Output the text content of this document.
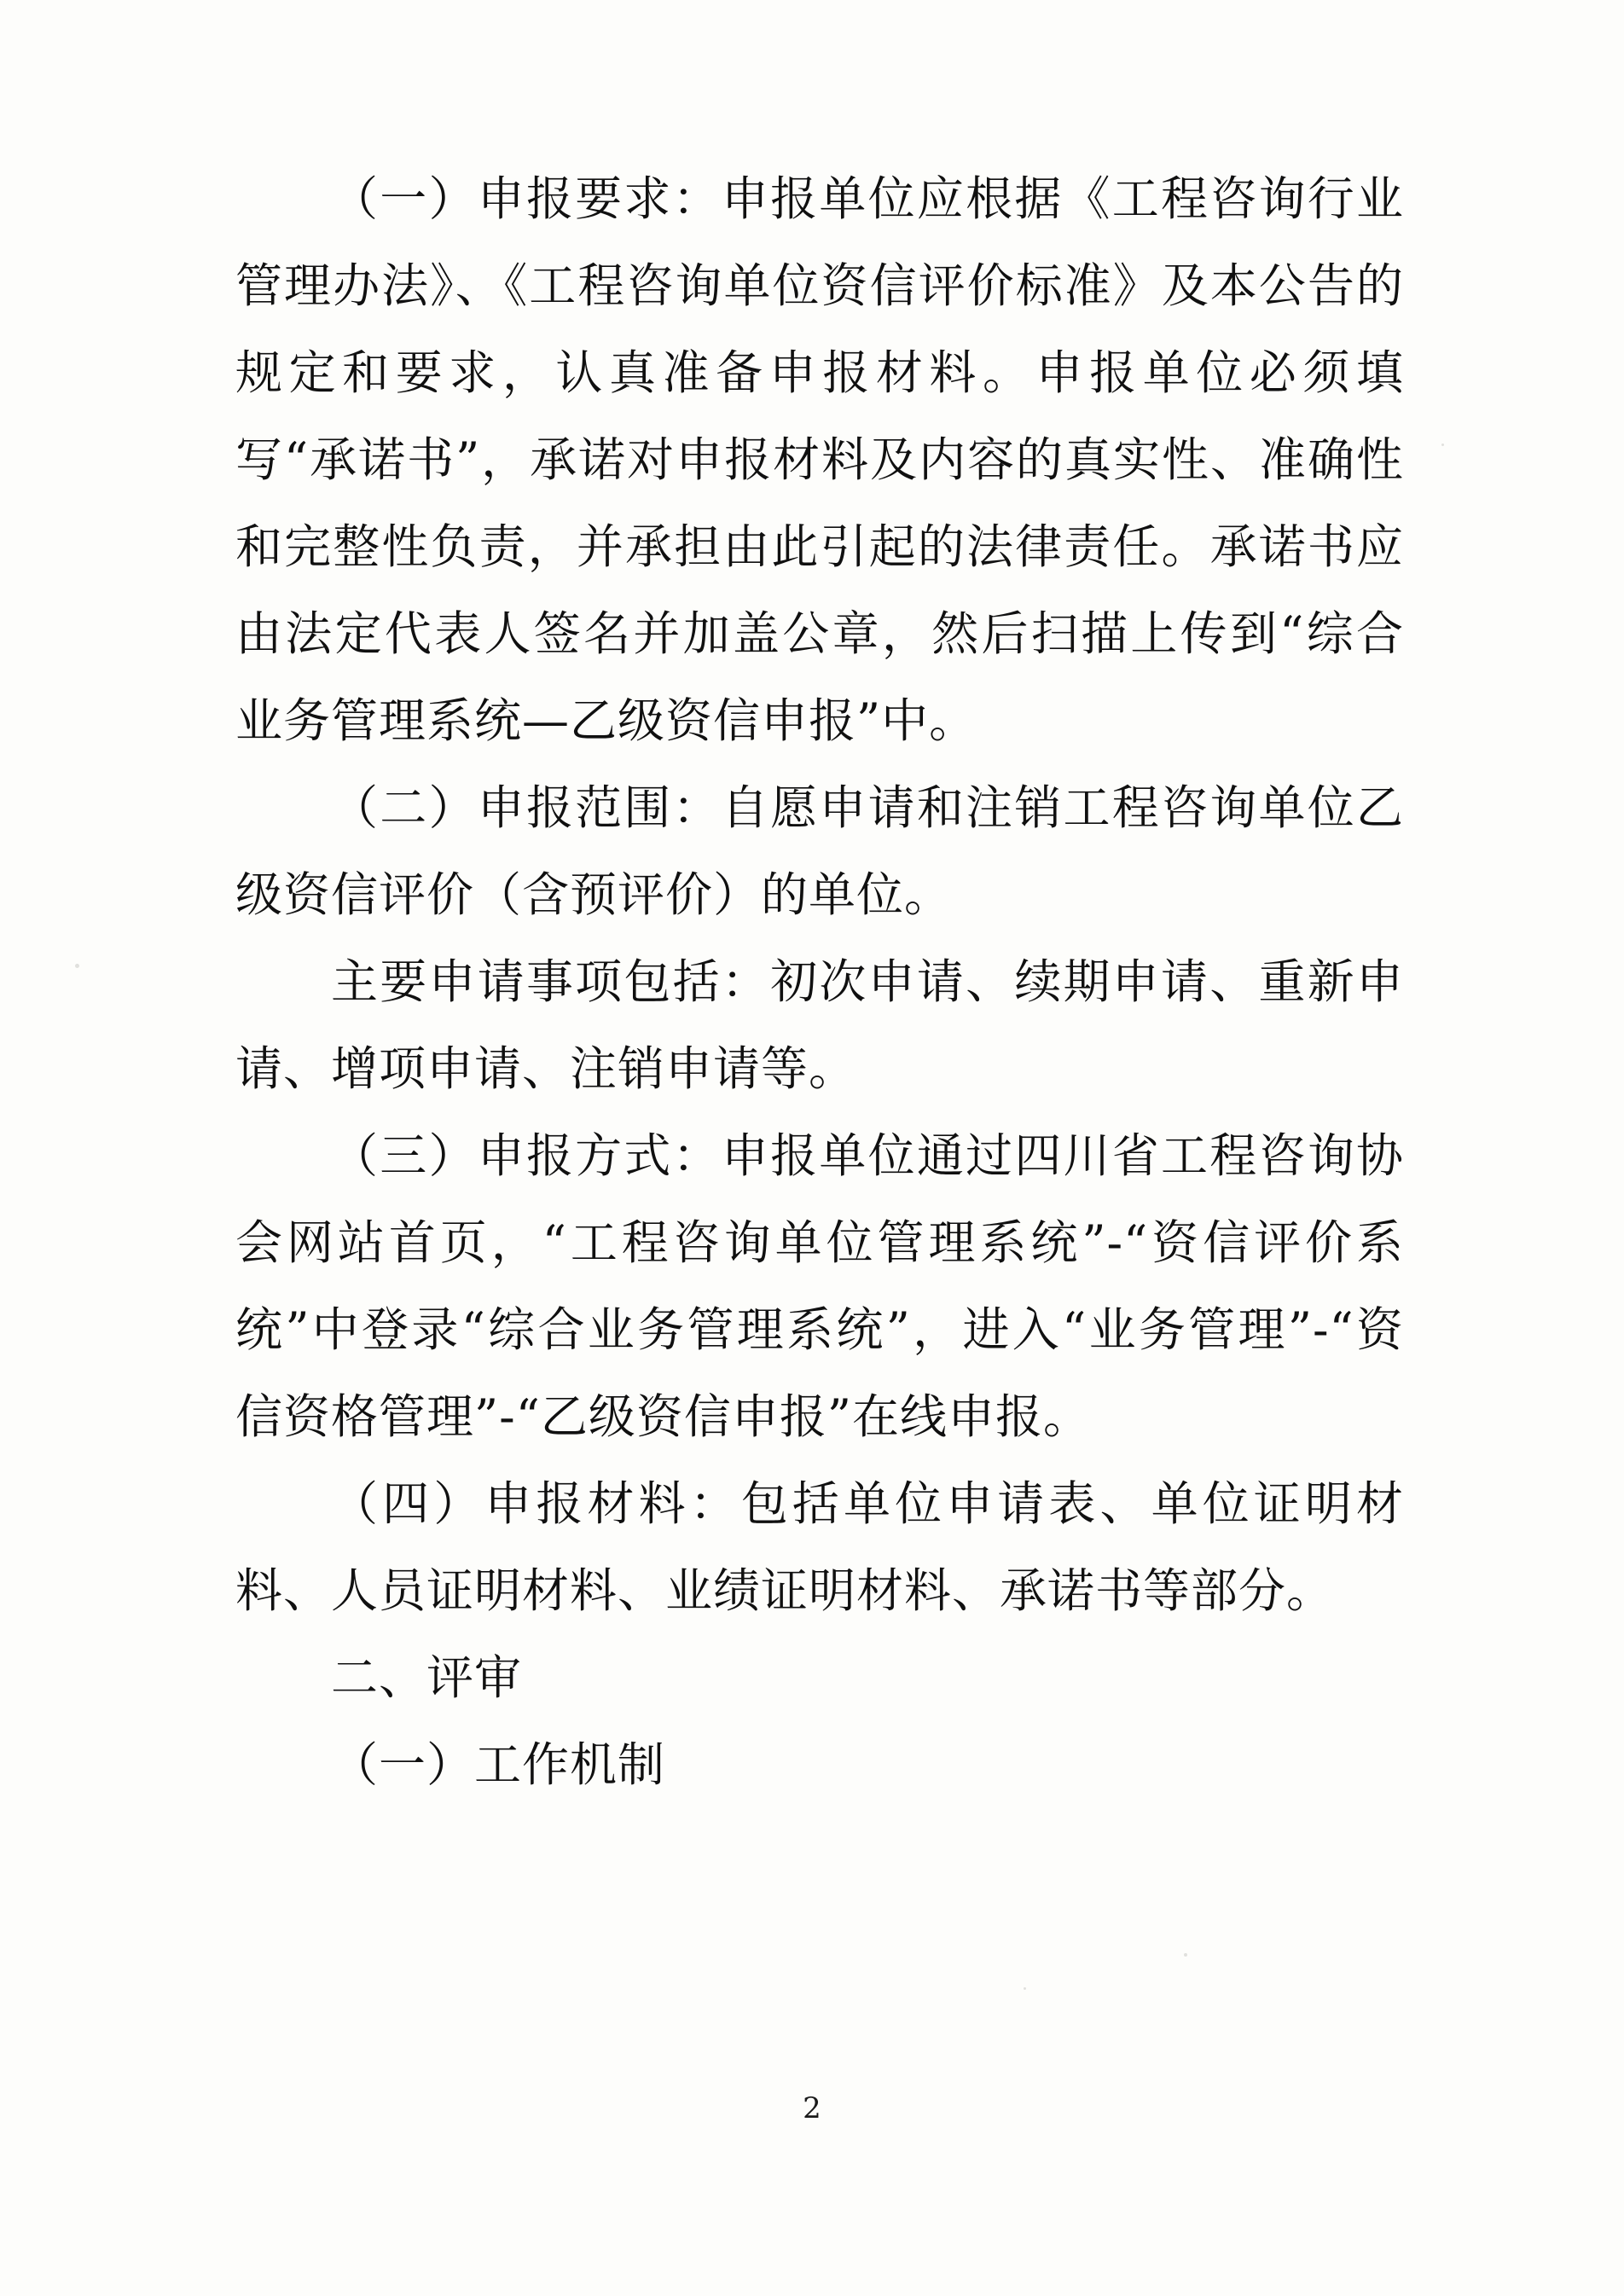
（一）申报要求：申报单位应根据《工程咨询行业管理办法》、《工程咨询单位资信评价标准》及本公告的规定和要求，认真准备申报材料。申报单位必须填写“承诺书”，承诺对申报材料及内容的真实性、准确性和完整性负责，并承担由此引起的法律责任。承诺书应由法定代表人签名并加盖公章，然后扫描上传到“综合业务管理系统—乙级资信申报”中。

（二）申报范围：自愿申请和注销工程咨询单位乙级资信评价（含预评价）的单位。

主要申请事项包括：初次申请、续期申请、重新申请、增项申请、注销申请等。

（三）申报方式：申报单位通过四川省工程咨询协会网站首页，“工程咨询单位管理系统”-“资信评价系统”中登录“综合业务管理系统”，进入“业务管理”-“资信资格管理”-“乙级资信申报”在线申报。

（四）申报材料：包括单位申请表、单位证明材料、人员证明材料、业绩证明材料、承诺书等部分。

二、评审

（一）工作机制

2
